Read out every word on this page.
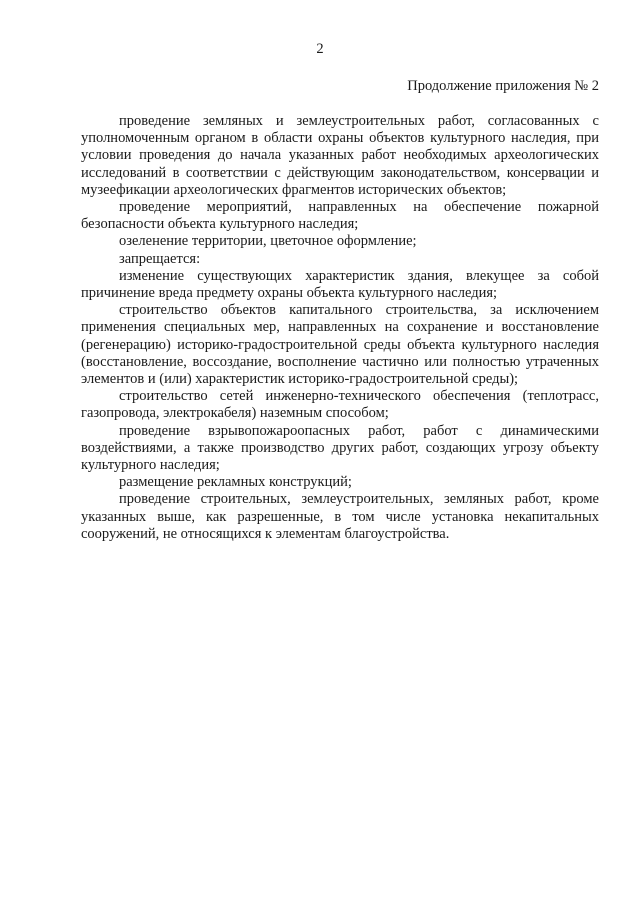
2
Продолжение приложения № 2

проведение земляных и землеустроительных работ, согласованных с уполномоченным органом в области охраны объектов культурного наследия, при условии проведения до начала указанных работ необходимых археологических исследований в соответствии с действующим законодательством, консервации и музеефикации археологических фрагментов исторических объектов;

проведение мероприятий, направленных на обеспечение пожарной безопасности объекта культурного наследия;

озеленение территории, цветочное оформление;

запрещается:

изменение существующих характеристик здания, влекущее за собой причинение вреда предмету охраны объекта культурного наследия;

строительство объектов капитального строительства, за исключением применения специальных мер, направленных на сохранение и восстановление (регенерацию) историко-градостроительной среды объекта культурного наследия (восстановление, воссоздание, восполнение частично или полностью утраченных элементов и (или) характеристик историко-градостроительной среды);

строительство сетей инженерно-технического обеспечения (теплотрасс, газопровода, электрокабеля) наземным способом;

проведение взрывопожароопасных работ, работ с динамическими воздействиями, а также производство других работ, создающих угрозу объекту культурного наследия;

размещение рекламных конструкций;

проведение строительных, землеустроительных, земляных работ, кроме указанных выше, как разрешенные, в том числе установка некапитальных сооружений, не относящихся к элементам благоустройства.
